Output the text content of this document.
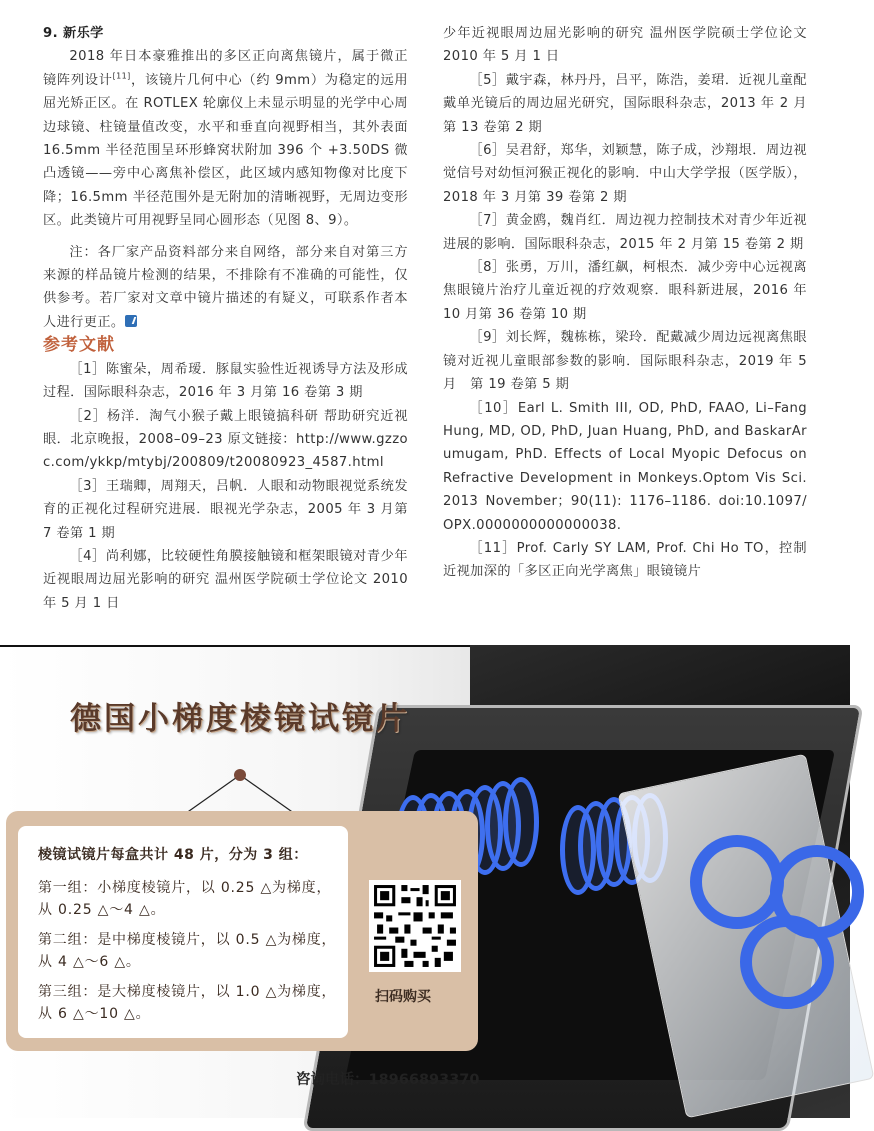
9. 新乐学

2018 年日本豪雅推出的多区正向离焦镜片，属于微正镜阵列设计[11]，该镜片几何中心（约 9mm）为稳定的远用屈光矫正区。在 ROTLEX 轮廓仪上未显示明显的光学中心周边球镜、柱镜量值改变，水平和垂直向视野相当，其外表面 16.5mm 半径范围呈环形蜂窝状附加 396 个 +3.50DS 微凸透镜——旁中心离焦补偿区，此区域内感知物像对比度下降；16.5mm 半径范围外是无附加的清晰视野，无周边变形区。此类镜片可用视野呈同心圆形态（见图 8、9）。

注：各厂家产品资料部分来自网络，部分来自对第三方来源的样品镜片检测的结果，不排除有不准确的可能性，仅供参考。若厂家对文章中镜片描述的有疑义，可联系作者本人进行更正。

参考文献

［1］陈蜜朵，周希瑷．豚鼠实验性近视诱导方法及形成过程．国际眼科杂志，2016 年 3 月第 16 卷第 3 期

［2］杨洋．淘气小猴子戴上眼镜搞科研 帮助研究近视眼．北京晚报，2008–09–23 原文链接：http://www.gzzoc.com/ykkp/mtybj/200809/t20080923_4587.html

［3］王瑞卿，周翔天，吕帆．人眼和动物眼视觉系统发育的正视化过程研究进展．眼视光学杂志，2005 年 3 月第 7 卷第 1 期

［4］尚利娜，比较硬性角膜接触镜和框架眼镜对青少年近视眼周边屈光影响的研究 温州医学院硕士学位论文 2010 年 5 月 1 日

少年近视眼周边屈光影响的研究 温州医学院硕士学位论文 2010 年 5 月 1 日

［5］戴宇森，林丹丹，吕平，陈浩，姜珺．近视儿童配戴单光镜后的周边屈光研究，国际眼科杂志，2013 年 2 月第 13 卷第 2 期

［6］吴君舒，郑华，刘颖慧，陈子成，沙翔垠．周边视觉信号对幼恒河猴正视化的影响．中山大学学报（医学版），2018 年 3 月第 39 卷第 2 期

［7］黄金鸥，魏肖红．周边视力控制技术对青少年近视进展的影响．国际眼科杂志，2015 年 2 月第 15 卷第 2 期

［8］张勇，万川，潘红飙，柯根杰．减少旁中心远视离焦眼镜片治疗儿童近视的疗效观察．眼科新进展，2016 年 10 月第 36 卷第 10 期

［9］刘长辉，魏栋栋，梁玲．配戴减少周边远视离焦眼镜对近视儿童眼部参数的影响．国际眼科杂志，2019 年 5 月　第 19 卷第 5 期

［10］Earl L. Smith III, OD, PhD, FAAO, Li–Fang Hung, MD, OD, PhD, Juan Huang, PhD, and BaskarArumugam, PhD. Effects of Local Myopic Defocus on Refractive Development in Monkeys.Optom Vis Sci. 2013 November；90(11): 1176–1186. doi:10.1097/OPX.0000000000000038.

［11］Prof. Carly SY LAM, Prof. Chi Ho TO，控制近视加深的「多区正向光学离焦」眼镜镜片

德国小梯度棱镜试镜片
棱镜试镜片每盒共计 48 片，分为 3 组：
第一组：小梯度棱镜片，以 0.25 △为梯度，从 0.25 △～4 △。
第二组：是中梯度棱镜片，以 0.5 △为梯度，从 4 △～6 △。
第三组：是大梯度棱镜片，以 1.0 △为梯度，从 6 △～10 △。
扫码购买
咨询电话：18966893370
